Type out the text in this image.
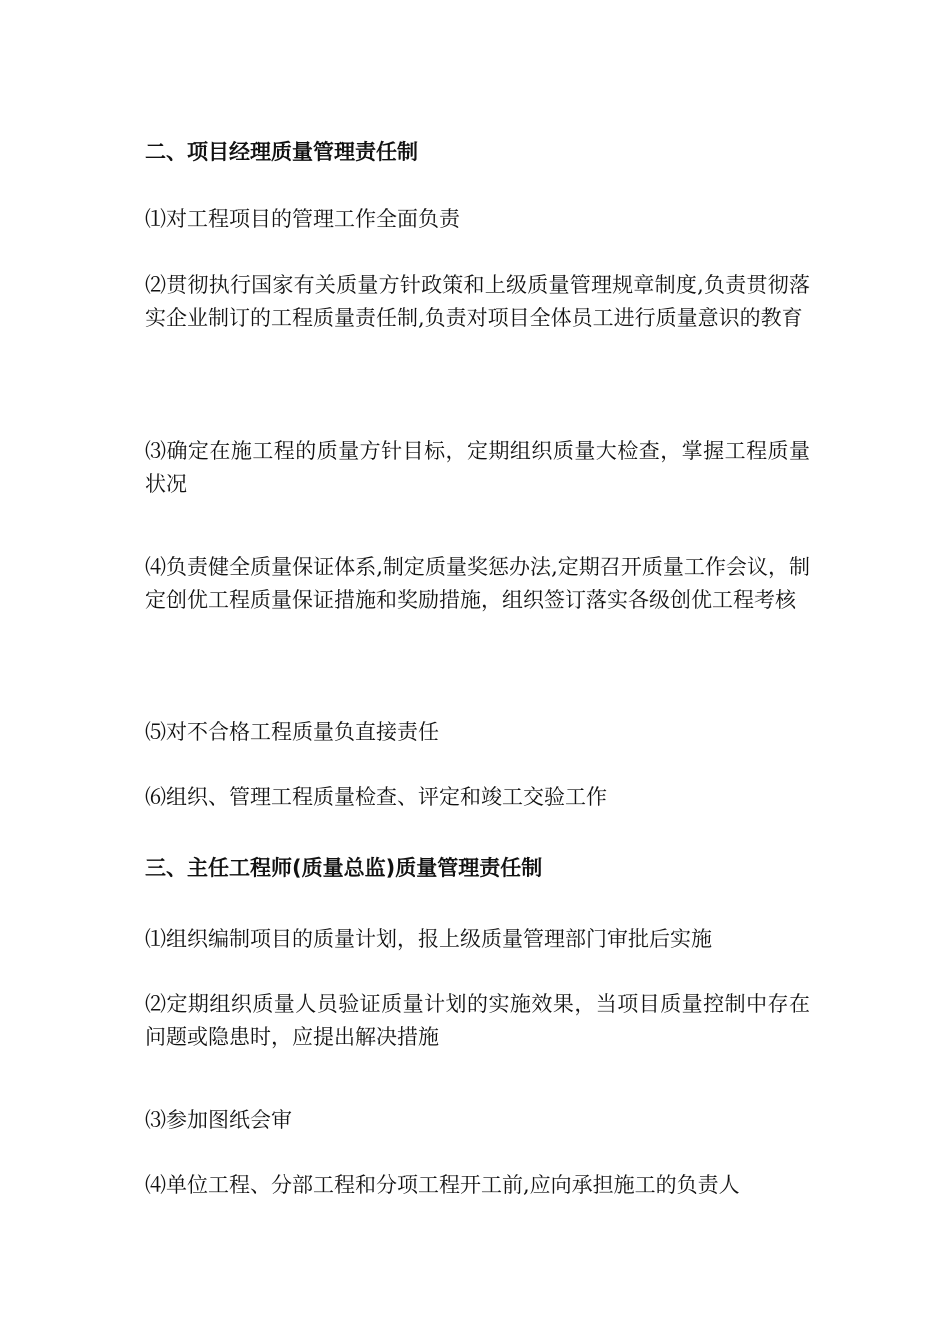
二、项目经理质量管理责任制

⑴对工程项目的管理工作全面负责

⑵贯彻执行国家有关质量方针政策和上级质量管理规章制度,负责贯彻落实企业制订的工程质量责任制,负责对项目全体员工进行质量意识的教育

⑶确定在施工程的质量方针目标，定期组织质量大检查，掌握工程质量状况

⑷负责健全质量保证体系,制定质量奖惩办法,定期召开质量工作会议，制定创优工程质量保证措施和奖励措施，组织签订落实各级创优工程考核

⑸对不合格工程质量负直接责任

⑹组织、管理工程质量检查、评定和竣工交验工作

三、主任工程师(质量总监)质量管理责任制

⑴组织编制项目的质量计划，报上级质量管理部门审批后实施

⑵定期组织质量人员验证质量计划的实施效果，当项目质量控制中存在问题或隐患时，应提出解决措施

⑶参加图纸会审

⑷单位工程、分部工程和分项工程开工前,应向承担施工的负责人
